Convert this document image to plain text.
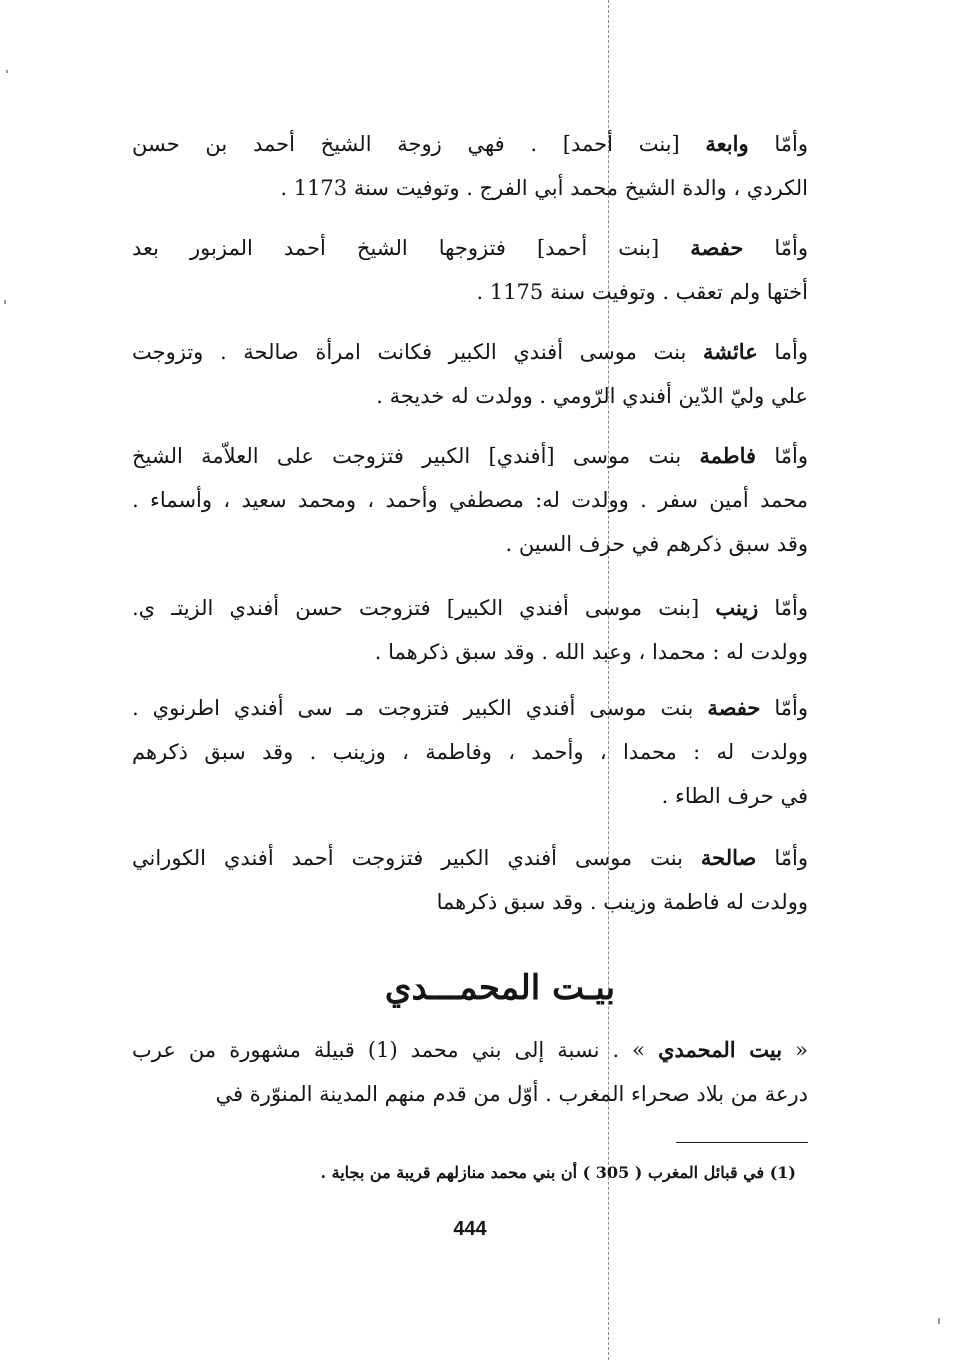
وأمّا وابعة [بنت أحمد] . فهي زوجة الشيخ أحمد بن حسن
الكردي ، والدة الشيخ محمد أبي الفرج . وتوفيت سنة 1173 .
وأمّا حفصة [بنت أحمد] فتزوجها الشيخ أحمد المزبور بعد
أختها ولم تعقب . وتوفيت سنة 1175 .
وأما عائشة بنت موسى أفندي الكبير فكانت امرأة صالحة . وتزوجت
علي وليّ الدّين أفندي الرّومي . وولدت له خديجة .
وأمّا فاطمة بنت موسى [أفندي] الكبير فتزوجت على العلاّمة الشيخ
محمد أمين سفر . وولدت له: مصطفي وأحمد ، ومحمد سعيد ، وأسماء .
وقد سبق ذكرهم في حرف السين .
وأمّا زينب [بنت موسى أفندي الكبير] فتزوجت حسن أفندي الزيتـ ي.
وولدت له : محمدا ، وعبد الله . وقد سبق ذكرهما .
وأمّا حفصة بنت موسى أفندي الكبير فتزوجت مـ سى أفندي اطرنوي .
وولدت له : محمدا ، وأحمد ، وفاطمة ، وزينب . وقد سبق ذكرهم
في حرف الطاء .
وأمّا صالحة بنت موسى أفندي الكبير فتزوجت أحمد أفندي الكوراني
وولدت له فاطمة وزينب . وقد سبق ذكرهما
بيـت المحمـــدي
« بيت المحمدي » . نسبة إلى بني محمد (1) قبيلة مشهورة من عرب
درعة من بلاد صحراء المغرب . أوّل من قدم منهم المدينة المنوّرة في
(1) في قبائل المغرب ( 305 ) أن بني محمد منازلهم قريبة من بجاية .
444
